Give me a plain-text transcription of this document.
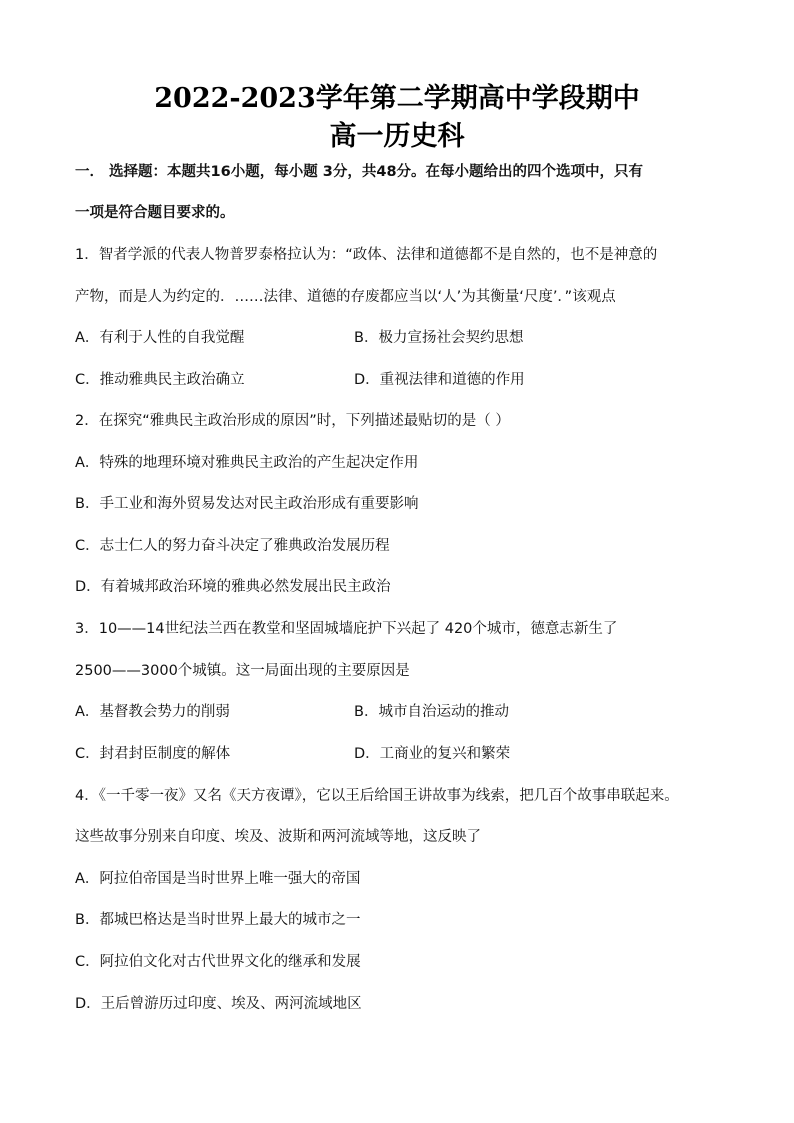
2022-2023学年第二学期高中学段期中
高一历史科
一． 选择题：本题共16小题，每小题 3分，共48分。在每小题给出的四个选项中，只有
一项是符合题目要求的。
1．智者学派的代表人物普罗泰格拉认为：“政体、法律和道德都不是自然的，也不是神意的
产物，而是人为约定的．……法律、道德的存废都应当以‘人’为其衡量‘尺度’．”该观点
A．有利于人性的自我觉醒	B．极力宣扬社会契约思想
C．推动雅典民主政治确立	D．重视法律和道德的作用
2．在探究“雅典民主政治形成的原因”时，下列描述最贴切的是（ ）
A．特殊的地理环境对雅典民主政治的产生起决定作用
B．手工业和海外贸易发达对民主政治形成有重要影响
C．志士仁人的努力奋斗决定了雅典政治发展历程
D．有着城邦政治环境的雅典必然发展出民主政治
3．10——14世纪法兰西在教堂和坚固城墙庇护下兴起了 420个城市，德意志新生了
2500——3000个城镇。这一局面出现的主要原因是
A．基督教会势力的削弱	B．城市自治运动的推动
C．封君封臣制度的解体	D．工商业的复兴和繁荣
4．《一千零一夜》又名《天方夜谭》，它以王后给国王讲故事为线索，把几百个故事串联起来。
这些故事分别来自印度、埃及、波斯和两河流域等地，这反映了
A．阿拉伯帝国是当时世界上唯一强大的帝国
B．都城巴格达是当时世界上最大的城市之一
C．阿拉伯文化对古代世界文化的继承和发展
D．王后曾游历过印度、埃及、两河流域地区
